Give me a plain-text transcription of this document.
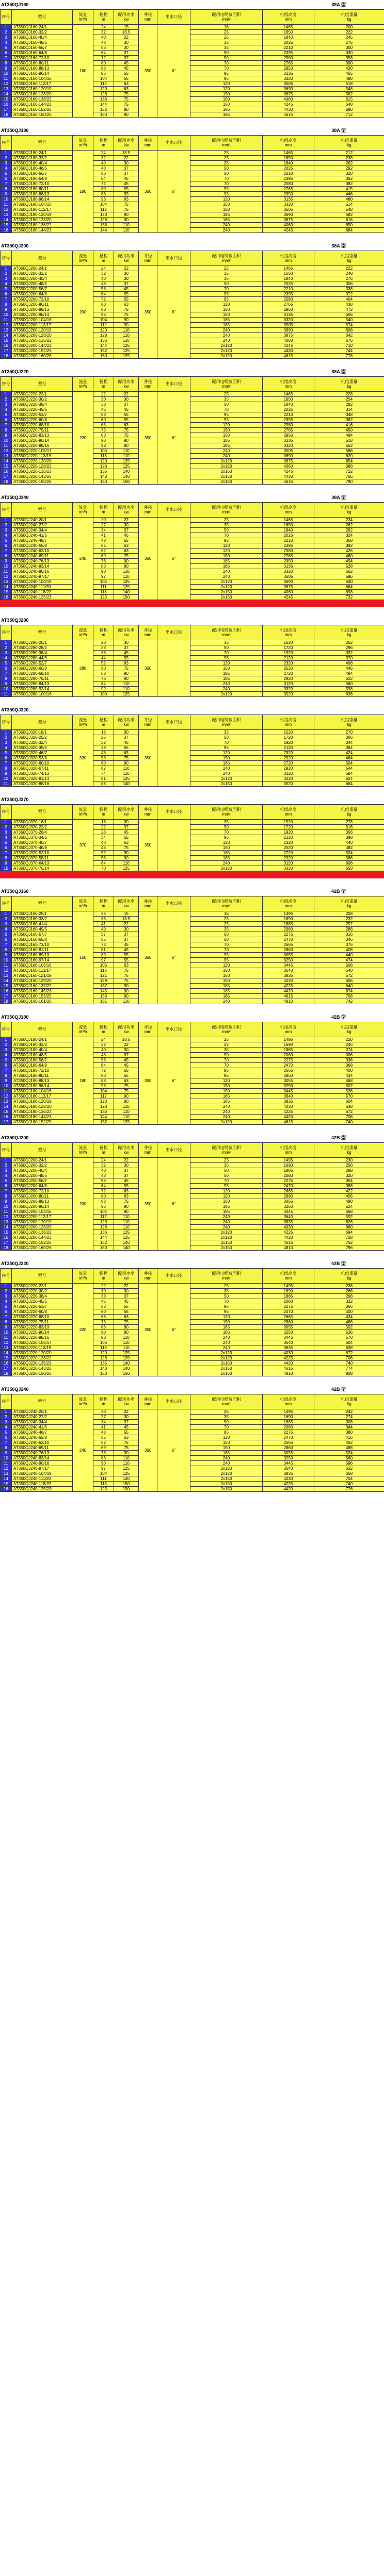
AT350QJ160	38A 型
序号	型号	流量
m³/h	扬程
m	配用功率
kw	井径
mm	出水口径	配用电缆截面积
mm²	机组高度
mm	机组重量
kg
1	AT350QJ160-24/1	160	24	15	350	6"	16	1465	200
2	AT350QJ160-32/2		32	18.5			25	1650	222
3	AT350QJ160-40/4		40	22			25	1840	245
4	AT350QJ160-48/5		48	30			35	2025	275
5	AT350QJ160-56/7		56	30			35	2210	300
6	AT350QJ160-64/8		64	37			50	2395	330
7	AT350QJ160-72/10		72	37			50	2580	358
8	AT350QJ160-80/11		80	45			70	2765	390
9	AT350QJ160-88/13		88	45			70	2950	420
10	AT350QJ160-96/14		96	55			95	3135	455
11	AT350QJ160-104/16		104	55			95	3320	488
12	AT350QJ160-112/17		112	63			120	3505	518
13	AT350QJ160-120/19		120	63			120	3690	548
14	AT350QJ160-128/20		128	75			150	3875	582
15	AT350QJ160-136/22		136	75			150	4060	615
16	AT350QJ160-144/23		144	75			150	4245	648
17	AT350QJ160-152/25		152	90			185	4430	680
18	AT350QJ160-160/26		160	90			185	4615	712
AT350QJ180	38A 型
序号	型号	流量
m³/h	扬程
m	配用功率
kw	井径
mm	出水口径	配用电缆截面积
mm²	机组高度
mm	机组重量
kg
1	AT350QJ180-24/1	180	24	18.5	350	6"	25	1465	212
2	AT350QJ180-32/2		32	22			25	1650	236
3	AT350QJ180-40/4		40	30			35	1840	262
4	AT350QJ180-48/5		48	37			50	2025	292
5	AT350QJ180-56/7		56	37			50	2210	320
6	AT350QJ180-64/8		64	45			70	2395	352
7	AT350QJ180-72/10		72	45			70	2580	382
8	AT350QJ180-80/11		80	55			95	2765	415
9	AT350QJ180-88/13		88	55			95	2950	446
10	AT350QJ180-96/14		96	63			120	3135	480
11	AT350QJ180-104/16		104	75			150	3320	514
12	AT350QJ180-112/17		112	75			150	3505	548
13	AT350QJ180-120/19		120	90			185	3690	582
14	AT350QJ180-128/20		128	90			185	3875	616
15	AT350QJ180-136/22		136	110			240	4060	650
16	AT350QJ180-144/23		144	110			240	4245	684
AT350QJ200	38A 型
序号	型号	流量
m³/h	扬程
m	配用功率
kw	井径
mm	出水口径	配用电缆截面积
mm²	机组高度
mm	机组重量
kg
1	AT350QJ200-24/1	200	24	22	350	6"	25	1465	222
2	AT350QJ200-32/2		32	30			35	1650	248
3	AT350QJ200-40/4		40	30			35	1840	276
4	AT350QJ200-48/5		48	37			50	2025	306
5	AT350QJ200-56/7		56	45			70	2210	338
6	AT350QJ200-64/8		64	55			95	2395	372
7	AT350QJ200-72/10		72	55			95	2580	404
8	AT350QJ200-80/11		80	63			120	2765	438
9	AT350QJ200-88/13		88	75			150	2950	472
10	AT350QJ200-96/14		96	75			150	3135	506
11	AT350QJ200-104/16		104	90			185	3320	540
12	AT350QJ200-112/17		112	90			185	3505	574
13	AT350QJ200-120/19		120	110			240	3690	608
14	AT350QJ200-128/20		128	110			240	3875	642
15	AT350QJ200-136/22		136	110			240	4060	676
16	AT350QJ200-144/23		144	125			2x120	4245	710
17	AT350QJ200-152/25		152	125			2x120	4430	744
18	AT350QJ200-160/26		160	125			2x120	4615	778
AT350QJ220	38A 型
序号	型号	流量
m³/h	扬程
m	配用功率
kw	井径
mm	出水口径	配用电缆截面积
mm²	机组高度
mm	机组重量
kg
1	AT350QJ220-22/1	220	22	22	350	6"	25	1465	228
2	AT350QJ220-30/2		30	30			35	1650	254
3	AT350QJ220-38/4		38	37			50	1840	282
4	AT350QJ220-45/5		45	45			70	2025	314
5	AT350QJ220-53/7		53	55			95	2210	348
6	AT350QJ220-60/8		60	55			95	2395	382
7	AT350QJ220-68/10		68	63			120	2580	416
8	AT350QJ220-75/11		75	75			150	2765	450
9	AT350QJ220-83/13		83	75			150	2950	484
10	AT350QJ220-90/14		90	90			185	3135	518
11	AT350QJ220-98/16		98	90			185	3320	552
12	AT350QJ220-105/17		105	110			240	3505	586
13	AT350QJ220-113/19		113	110			240	3690	620
14	AT350QJ220-120/20		120	125			2x120	3875	654
15	AT350QJ220-128/22		128	125			2x120	4060	688
16	AT350QJ220-135/23		135	140			2x150	4245	722
17	AT350QJ220-143/25		143	140			2x150	4430	756
18	AT350QJ220-150/26		150	150			2x150	4615	790
AT350QJ240	38A 型
序号	型号	流量
m³/h	扬程
m	配用功率
kw	井径
mm	出水口径	配用电缆截面积
mm²	机组高度
mm	机组重量
kg
1	AT350QJ240-20/1	240	20	22	350	6"	25	1465	234
2	AT350QJ240-27/2		27	30			35	1650	262
3	AT350QJ240-34/4		34	37			50	1840	292
4	AT350QJ240-41/5		41	45			70	2025	324
5	AT350QJ240-48/7		48	55			95	2210	358
6	AT350QJ240-55/8		55	63			120	2395	392
7	AT350QJ240-62/10		62	63			120	2580	426
8	AT350QJ240-69/11		69	75			150	2765	460
9	AT350QJ240-76/13		76	90			185	2950	494
10	AT350QJ240-83/14		83	90			185	3135	528
11	AT350QJ240-90/16		90	110			240	3320	562
12	AT350QJ240-97/17		97	110			240	3505	596
13	AT350QJ240-104/19		104	125			2x120	3690	630
14	AT350QJ240-111/20		111	125			2x120	3875	664
15	AT350QJ240-118/22		118	140			2x150	4060	698
16	AT350QJ240-125/23		125	150			2x150	4245	732
AT350QJ280
序号	型号	流量
m³/h	扬程
m	配用功率
kw	井径
mm	出水口径	配用电缆截面积
mm²	机组高度
mm	机组重量
kg
1	AT350QJ280-20/1	280	20	30	350		35	1520	262
2	AT350QJ280-28/2		28	37			50	1720	296
3	AT350QJ280-36/4		36	45			70	1920	332
4	AT350QJ280-44/5		44	55			95	2120	370
5	AT350QJ280-52/7		52	63			120	2320	408
6	AT350QJ280-60/8		60	75			150	2520	446
7	AT350QJ280-68/10		68	90			185	2720	484
8	AT350QJ280-76/11		76	90			185	2920	522
9	AT350QJ280-84/13		84	110			240	3120	560
10	AT350QJ280-92/14		92	110			240	3320	598
11	AT350QJ280-100/16		100	125			2x120	3520	636
AT350QJ320
序号	型号	流量
m³/h	扬程
m	配用功率
kw	井径
mm	出水口径	配用电缆截面积
mm²	机组高度
mm	机组重量
kg
1	AT350QJ320-18/1	320	18	30	350		35	1520	270
2	AT350QJ320-25/2		25	37			50	1720	306
3	AT350QJ320-32/4		32	45			70	1920	344
4	AT350QJ320-39/5		39	55			95	2120	384
5	AT350QJ320-46/7		46	63			120	2320	424
6	AT350QJ320-53/8		53	75			150	2520	464
7	AT350QJ320-60/10		60	90			185	2720	504
8	AT350QJ320-67/11		67	110			240	2920	544
9	AT350QJ320-74/13		74	110			240	3120	584
10	AT350QJ320-81/14		81	125			2x120	3320	624
11	AT350QJ320-88/16		88	140			2x150	3520	664
AT350QJ370
序号	型号	流量
m³/h	扬程
m	配用功率
kw	井径
mm	出水口径	配用电缆截面积
mm²	机组高度
mm	机组重量
kg
1	AT350QJ370-16/1	370	16	30	350		35	1520	278
2	AT350QJ370-22/2		22	37			50	1720	316
3	AT350QJ370-28/4		28	45			70	1920	356
4	AT350QJ370-34/5		34	55			95	2120	398
5	AT350QJ370-40/7		40	63			120	2320	440
6	AT350QJ370-46/8		46	75			150	2520	482
7	AT350QJ370-52/10		52	90			185	2720	524
8	AT350QJ370-58/11		58	90			185	2920	566
9	AT350QJ370-64/13		64	110			240	3120	608
10	AT350QJ370-70/14		70	125			2x120	3320	650
AT350QJ160	42B 型
序号	型号	流量
m³/h	扬程
m	配用功率
kw	井径
mm	出水口径	配用电缆截面积
mm²	机组高度
mm	机组重量
kg
1	AT350QJ160-25/1	160	25	15	350	6"	16	1495	208
2	AT350QJ160-33/2		33	18.5			25	1690	232
3	AT350QJ160-41/4		41	22			25	1885	257
4	AT350QJ160-49/5		49	30			35	2080	288
5	AT350QJ160-57/7		57	37			50	2275	316
6	AT350QJ160-65/8		65	37			50	2470	346
7	AT350QJ160-73/10		73	45			70	2665	376
8	AT350QJ160-81/11		81	45			70	2860	408
9	AT350QJ160-89/13		89	55			95	3055	440
10	AT350QJ160-97/14		97	55			95	3250	474
11	AT350QJ160-105/16		105	63			120	3445	508
12	AT350QJ160-113/17		113	75			150	3640	540
13	AT350QJ160-121/19		121	75			150	3835	572
14	AT350QJ160-129/20		129	75			150	4030	606
15	AT350QJ160-137/22		137	90			185	4225	640
16	AT350QJ160-145/23		145	90			185	4420	674
17	AT350QJ160-153/25		153	90			185	4615	708
18	AT350QJ160-161/26		161	110			240	4810	742
AT350QJ180	42B 型
序号	型号	流量
m³/h	扬程
m	配用功率
kw	井径
mm	出水口径	配用电缆截面积
mm²	机组高度
mm	机组重量
kg
1	AT350QJ180-24/1	180	24	18.5	350	6"	25	1495	220
2	AT350QJ180-32/2		32	22			25	1690	246
3	AT350QJ180-40/4		40	30			35	1885	274
4	AT350QJ180-48/5		48	37			50	2080	306
5	AT350QJ180-56/7		56	45			70	2275	336
6	AT350QJ180-64/8		64	45			70	2470	368
7	AT350QJ180-72/10		72	55			95	2665	400
8	AT350QJ180-80/11		80	55			95	2860	434
9	AT350QJ180-88/13		88	63			120	3055	468
10	AT350QJ180-96/14		96	75			150	3250	502
11	AT350QJ180-104/16		104	75			150	3445	536
12	AT350QJ180-112/17		112	90			185	3640	570
13	AT350QJ180-120/19		120	90			185	3835	604
14	AT350QJ180-128/20		128	110			240	4030	638
15	AT350QJ180-136/22		136	110			240	4225	672
16	AT350QJ180-144/23		144	110			240	4420	706
17	AT350QJ180-152/25		152	125			2x120	4615	740
AT350QJ200	42B 型
序号	型号	流量
m³/h	扬程
m	配用功率
kw	井径
mm	出水口径	配用电缆截面积
mm²	机组高度
mm	机组重量
kg
1	AT350QJ200-24/1	200	24	22	350	6"	25	1495	230
2	AT350QJ200-32/2		32	30			35	1690	258
3	AT350QJ200-40/4		40	37			50	1885	288
4	AT350QJ200-48/5		48	37			50	2080	320
5	AT350QJ200-56/7		56	45			70	2275	354
6	AT350QJ200-64/8		64	55			95	2470	388
7	AT350QJ200-72/10		72	63			120	2665	422
8	AT350QJ200-80/11		80	63			120	2860	456
9	AT350QJ200-88/13		88	75			150	3055	490
10	AT350QJ200-96/14		96	90			185	3250	524
11	AT350QJ200-104/16		104	90			185	3445	558
12	AT350QJ200-112/17		112	110			240	3640	592
13	AT350QJ200-120/19		120	110			240	3835	626
14	AT350QJ200-128/20		128	110			240	4030	660
15	AT350QJ200-136/22		136	125			2x120	4225	694
16	AT350QJ200-144/23		144	125			2x120	4420	728
17	AT350QJ200-152/25		152	140			2x150	4615	762
18	AT350QJ200-160/26		160	140			2x150	4810	796
AT350QJ220	42B 型
序号	型号	流量
m³/h	扬程
m	配用功率
kw	井径
mm	出水口径	配用电缆截面积
mm²	机组高度
mm	机组重量
kg
1	AT350QJ220-22/1	220	22	22	350	6"	25	1495	236
2	AT350QJ220-30/2		30	30			35	1690	266
3	AT350QJ220-38/4		38	37			50	1885	298
4	AT350QJ220-45/5		45	45			70	2080	332
5	AT350QJ220-53/7		53	55			95	2275	366
6	AT350QJ220-60/8		60	55			95	2470	400
7	AT350QJ220-68/10		68	63			120	2665	434
8	AT350QJ220-75/11		75	75			150	2860	468
9	AT350QJ220-83/13		83	90			185	3055	502
10	AT350QJ220-90/14		90	90			185	3250	536
11	AT350QJ220-98/16		98	110			240	3445	570
12	AT350QJ220-105/17		105	110			240	3640	604
13	AT350QJ220-113/19		113	110			240	3835	638
14	AT350QJ220-120/20		120	125			2x120	4030	672
15	AT350QJ220-128/22		128	125			2x120	4225	706
16	AT350QJ220-135/23		135	140			2x150	4420	740
17	AT350QJ220-143/25		143	140			2x150	4615	774
18	AT350QJ220-150/26		150	150			2x150	4810	808
AT350QJ240	42B 型
序号	型号	流量
m³/h	扬程
m	配用功率
kw	井径
mm	出水口径	配用电缆截面积
mm²	机组高度
mm	机组重量
kg
1	AT350QJ240-20/1	240	20	22	350	6"	25	1495	242
2	AT350QJ240-27/2		27	30			35	1690	274
3	AT350QJ240-34/4		34	37			50	1885	308
4	AT350QJ240-41/5		41	45			70	2080	344
5	AT350QJ240-48/7		48	55			95	2275	380
6	AT350QJ240-55/8		55	63			120	2470	416
7	AT350QJ240-62/10		62	75			150	2665	452
8	AT350QJ240-69/11		69	75			150	2860	488
9	AT350QJ240-76/13		76	90			185	3055	524
10	AT350QJ240-83/14		83	110			240	3250	560
11	AT350QJ240-90/16		90	110			240	3445	596
12	AT350QJ240-97/17		97	125			2x120	3640	632
13	AT350QJ240-104/19		104	125			2x120	3835	668
14	AT350QJ240-111/20		111	140			2x150	4030	704
15	AT350QJ240-118/22		118	150			2x150	4225	740
16	AT350QJ240-125/23		125	150			2x150	4420	776
